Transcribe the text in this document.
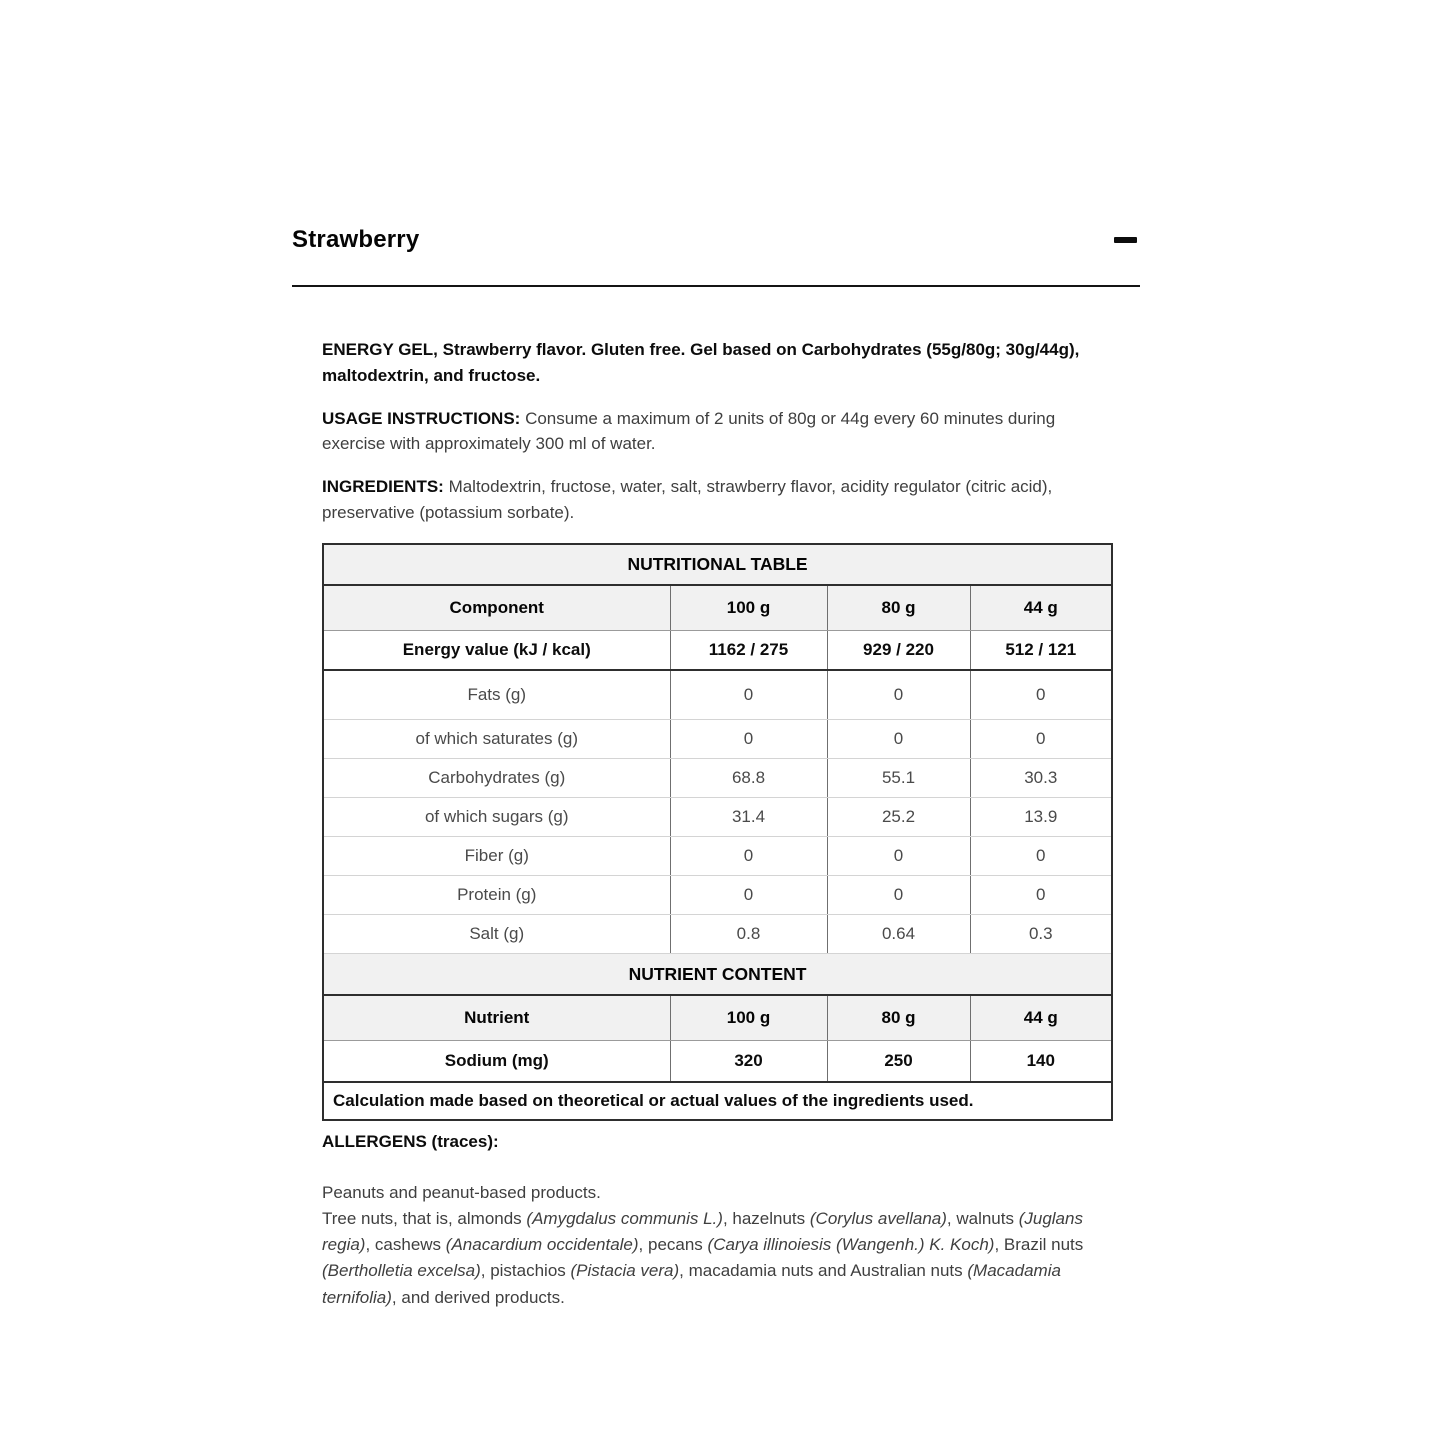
Strawberry

ENERGY GEL, Strawberry flavor. Gluten free. Gel based on Carbohydrates (55g/80g; 30g/44g), maltodextrin, and fructose.

USAGE INSTRUCTIONS: Consume a maximum of 2 units of 80g or 44g every 60 minutes during exercise with approximately 300 ml of water.

INGREDIENTS: Maltodextrin, fructose, water, salt, strawberry flavor, acidity regulator (citric acid), preservative (potassium sorbate).

NUTRITIONAL TABLE			
Component	100 g	80 g	44 g
Energy value (kJ / kcal)	1162 / 275	929 / 220	512 / 121
Fats (g)	0	0	0
of which saturates (g)	0	0	0
Carbohydrates (g)	68.8	55.1	30.3
of which sugars (g)	31.4	25.2	13.9
Fiber (g)	0	0	0
Protein (g)	0	0	0
Salt (g)	0.8	0.64	0.3
NUTRIENT CONTENT			
Nutrient	100 g	80 g	44 g
Sodium (mg)	320	250	140
Calculation made based on theoretical or actual values of the ingredients used.			

ALLERGENS (traces):

Peanuts and peanut-based products.
Tree nuts, that is, almonds (Amygdalus communis L.), hazelnuts (Corylus avellana), walnuts (Juglans regia), cashews (Anacardium occidentale), pecans (Carya illinoiesis (Wangenh.) K. Koch), Brazil nuts (Bertholletia excelsa), pistachios (Pistacia vera), macadamia nuts and Australian nuts (Macadamia ternifolia), and derived products.
